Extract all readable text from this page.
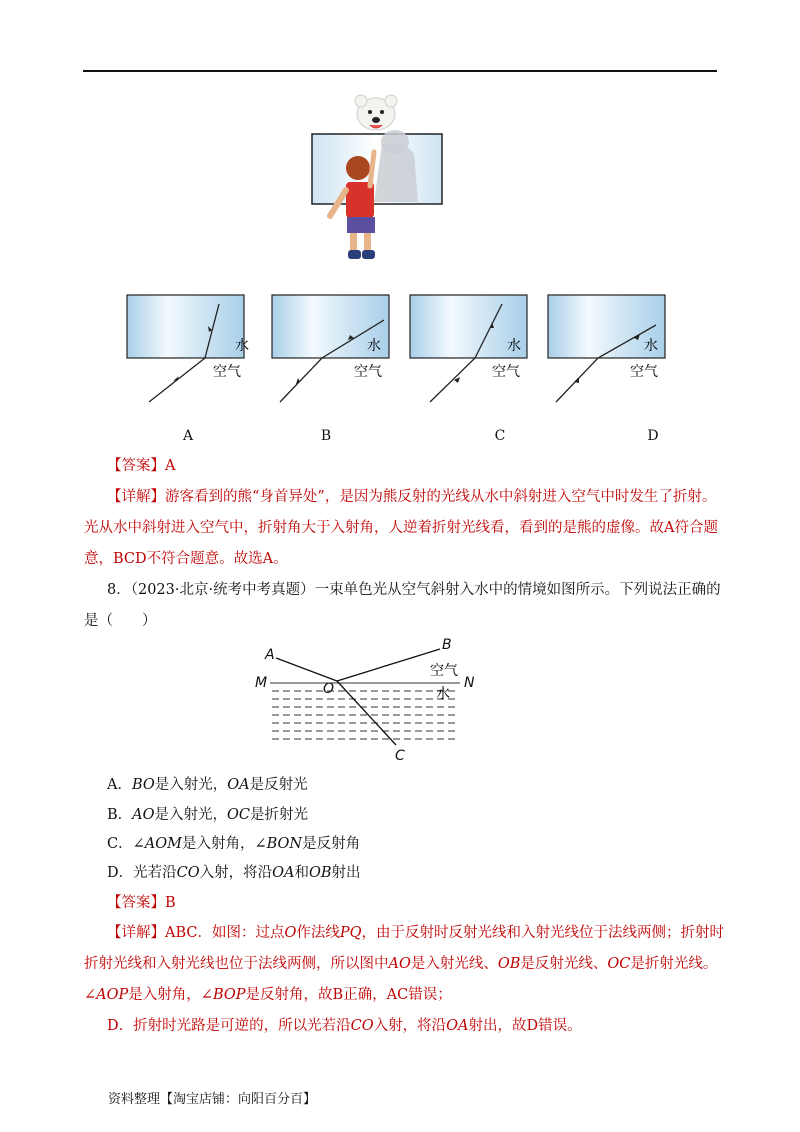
水
空气
水
空气
水
空气
水
空气
A	B	C	D
【答案】A
【详解】游客看到的熊“身首异处”，是因为熊反射的光线从水中斜射进入空气中时发生了折射。
光从水中斜射进入空气中，折射角大于入射角，人逆着折射光线看，看到的是熊的虚像。故A符合题
意，BCD不符合题意。故选A。
8．（2023·北京·统考中考真题）一束单色光从空气斜射入水中的情境如图所示。下列说法正确的
是（　　）
A
B
C
M	N
O
空气
水
A．BO是入射光，OA是反射光
B．AO是入射光，OC是折射光
C．∠AOM是入射角，∠BON是反射角
D．光若沿CO入射，将沿OA和OB射出
【答案】B
【详解】ABC．如图：过点O作法线PQ，由于反射时反射光线和入射光线位于法线两侧；折射时
折射光线和入射光线也位于法线两侧，所以图中AO是入射光线、OB是反射光线、OC是折射光线。
∠AOP是入射角，∠BOP是反射角，故B正确，AC错误；
D．折射时光路是可逆的，所以光若沿CO入射，将沿OA射出，故D错误。
资料整理【淘宝店铺：向阳百分百】
